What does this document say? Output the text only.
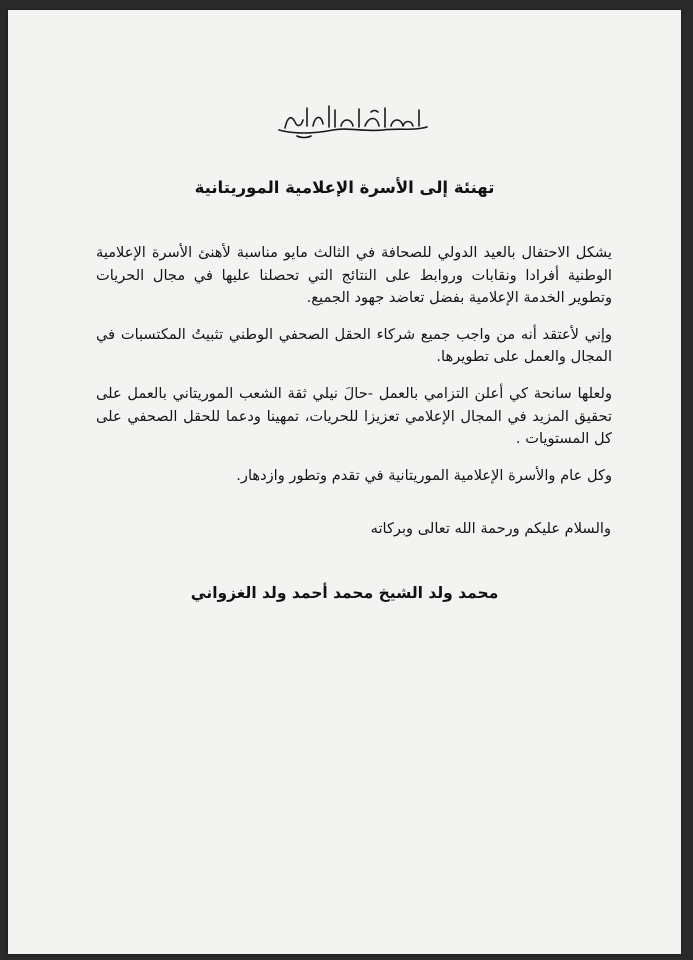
تهنئة إلى الأسرة الإعلامية الموريتانية

يشكل الاحتفال بالعيد الدولي للصحافة في الثالث مايو مناسبة لأهنئ الأسرة الإعلامية الوطنية أفرادا ونقابات وروابط على النتائج التي تحصلنا عليها في مجال الحريات وتطوير الخدمة الإعلامية بفضل تعاضد جهود الجميع.

وإني لأعتقد أنه من واجب جميع شركاء الحقل الصحفي الوطني تثبيتُ المكتسبات في المجال والعمل على تطويرها.

ولعلها سانحة كي أعلن التزامي بالعمل -حالَ نيلي ثقة الشعب الموريتاني بالعمل على تحقيق المزيد في المجال الإعلامي تعزيزا للحريات، تمهينا ودعما للحقل الصحفي على كل المستويات .

وكل عام والأسرة الإعلامية الموريتانية في تقدم وتطور وازدهار.

والسلام عليكم ورحمة الله تعالى وبركاته

محمد ولد الشيخ محمد أحمد ولد الغزواني
